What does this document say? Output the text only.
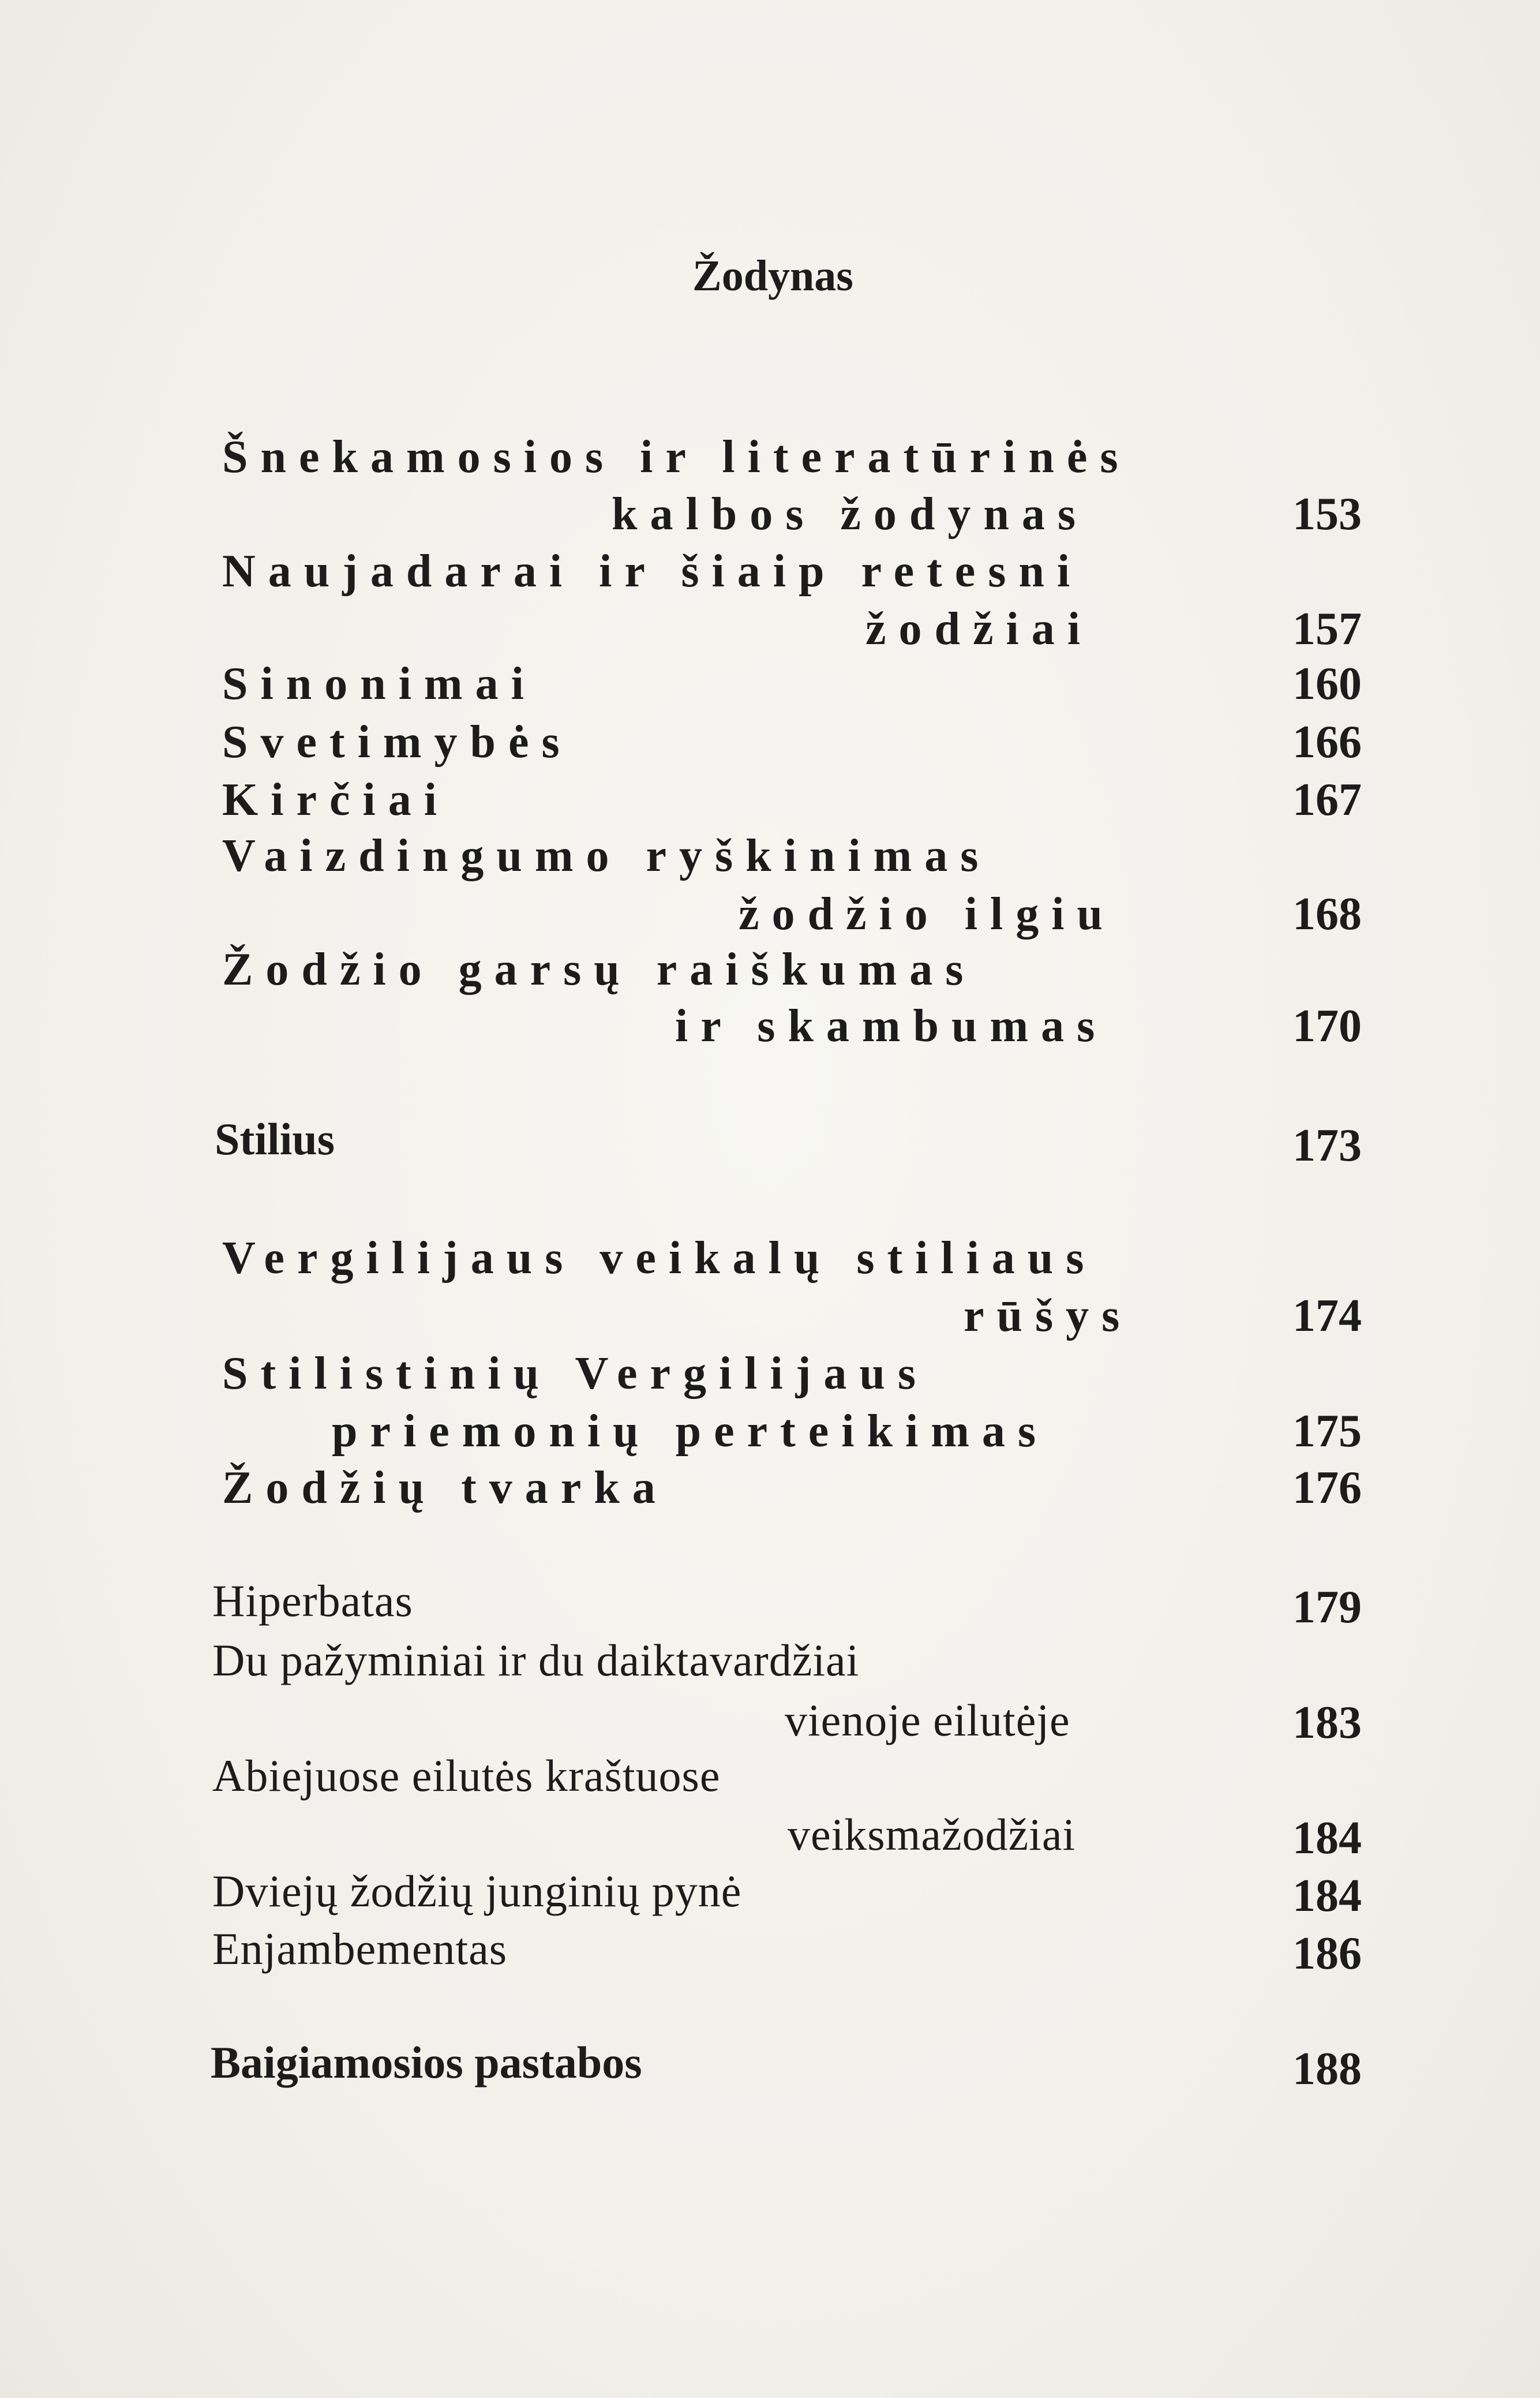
Žodynas
Šnekamosios ir literatūrinės
kalbos žodynas	153
Naujadarai ir šiaip retesni
žodžiai	157
Sinonimai	160
Svetimybės	166
Kirčiai	167
Vaizdingumo ryškinimas
žodžio ilgiu	168
Žodžio garsų raiškumas
ir skambumas	170
Stilius	173
Vergilijaus veikalų stiliaus
rūšys	174
Stilistinių Vergilijaus
priemonių perteikimas	175
Žodžių tvarka	176
Hiperbatas	179
Du pažyminiai ir du daiktavardžiai
vienoje eilutėje	183
Abiejuose eilutės kraštuose
veiksmažodžiai	184
Dviejų žodžių junginių pynė	184
Enjambementas	186
Baigiamosios pastabos	188
